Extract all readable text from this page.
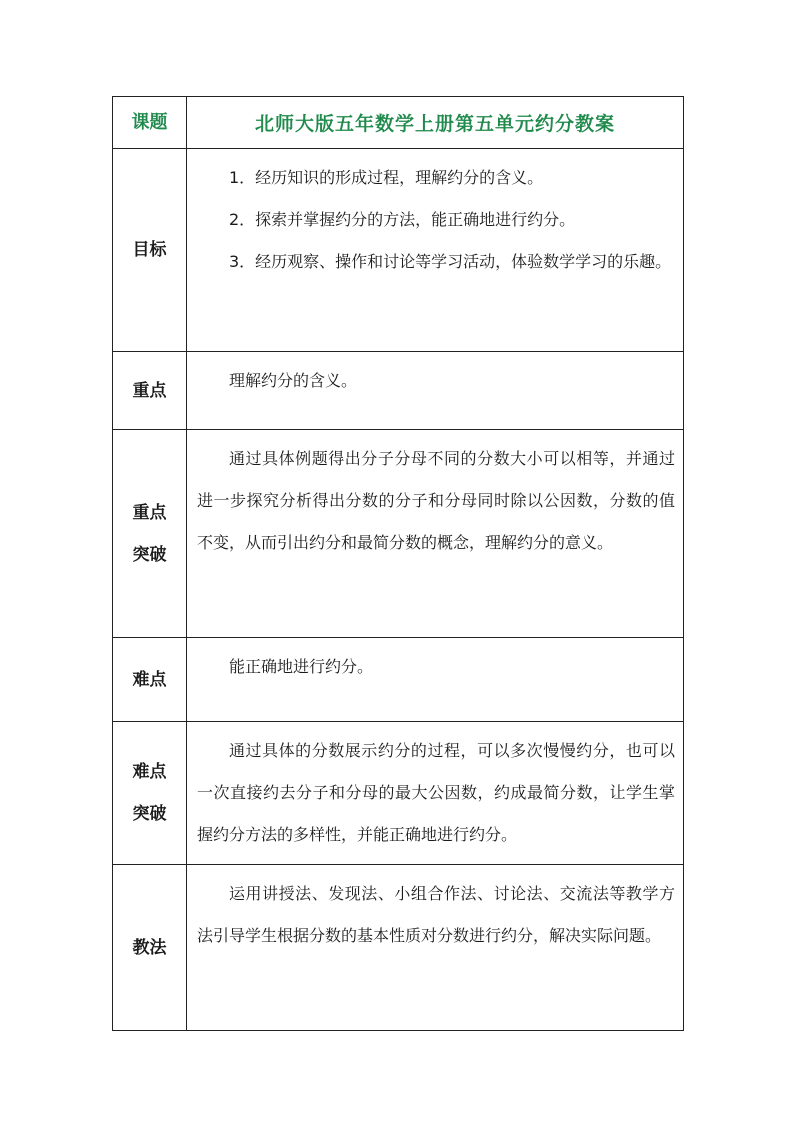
课题	北师大版五年数学上册第五单元约分教案

目标	1．经历知识的形成过程，理解约分的含义。

2．探索并掌握约分的方法，能正确地进行约分。

3．经历观察、操作和讨论等学习活动，体验数学学习的乐趣。

重点	理解约分的含义。

重点
突破	通过具体例题得出分子分母不同的分数大小可以相等，并通过进一步探究分析得出分数的分子和分母同时除以公因数，分数的值不变，从而引出约分和最简分数的概念，理解约分的意义。

难点	能正确地进行约分。

难点
突破	通过具体的分数展示约分的过程，可以多次慢慢约分，也可以一次直接约去分子和分母的最大公因数，约成最简分数，让学生掌握约分方法的多样性，并能正确地进行约分。

教法	运用讲授法、发现法、小组合作法、讨论法、交流法等教学方法引导学生根据分数的基本性质对分数进行约分，解决实际问题。
